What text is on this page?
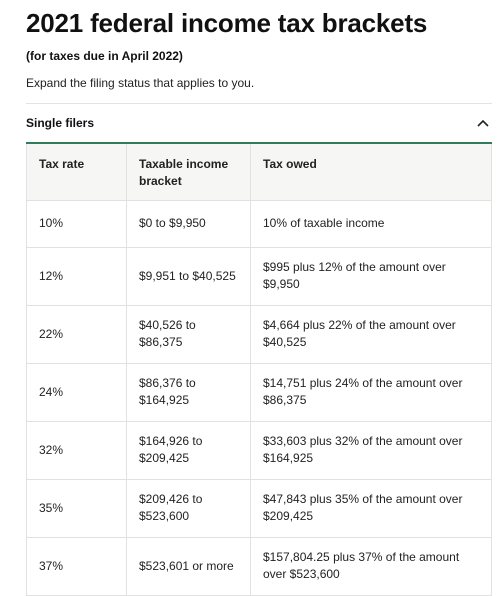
2021 federal income tax brackets
(for taxes due in April 2022)
Expand the filing status that applies to you.
Single filers
Tax rate	Taxable income bracket	Tax owed
10%	$0 to $9,950	10% of taxable income
12%	$9,951 to $40,525	$995 plus 12% of the amount over $9,950
22%	$40,526 to $86,375	$4,664 plus 22% of the amount over $40,525
24%	$86,376 to $164,925	$14,751 plus 24% of the amount over $86,375
32%	$164,926 to $209,425	$33,603 plus 32% of the amount over $164,925
35%	$209,426 to $523,600	$47,843 plus 35% of the amount over $209,425
37%	$523,601 or more	$157,804.25 plus 37% of the amount over $523,600
